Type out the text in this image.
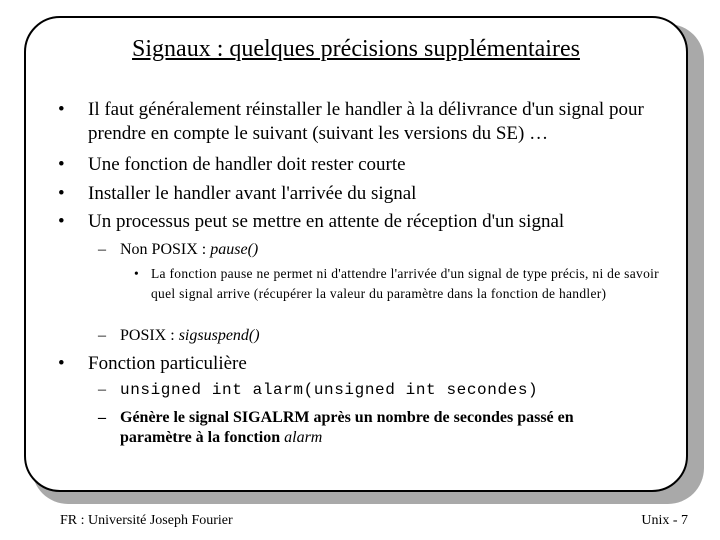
Signaux : quelques précisions supplémentaires
• Il faut généralement réinstaller le handler à la délivrance d'un signal pour prendre en compte le suivant (suivant les versions du SE) …
• Une fonction de handler doit rester courte
• Installer le handler avant l'arrivée du signal
• Un processus peut se mettre en attente de réception d'un signal
– Non POSIX : pause()
• La fonction pause ne permet ni d'attendre l'arrivée d'un signal de type précis, ni de savoir quel signal arrive (récupérer la valeur du paramètre dans la fonction de handler)
– POSIX : sigsuspend()
• Fonction particulière
– unsigned int alarm(unsigned int secondes)
– Génère le signal SIGALRM après un nombre de secondes passé en paramètre à la fonction alarm
FR : Université Joseph Fourier	Unix - 7
